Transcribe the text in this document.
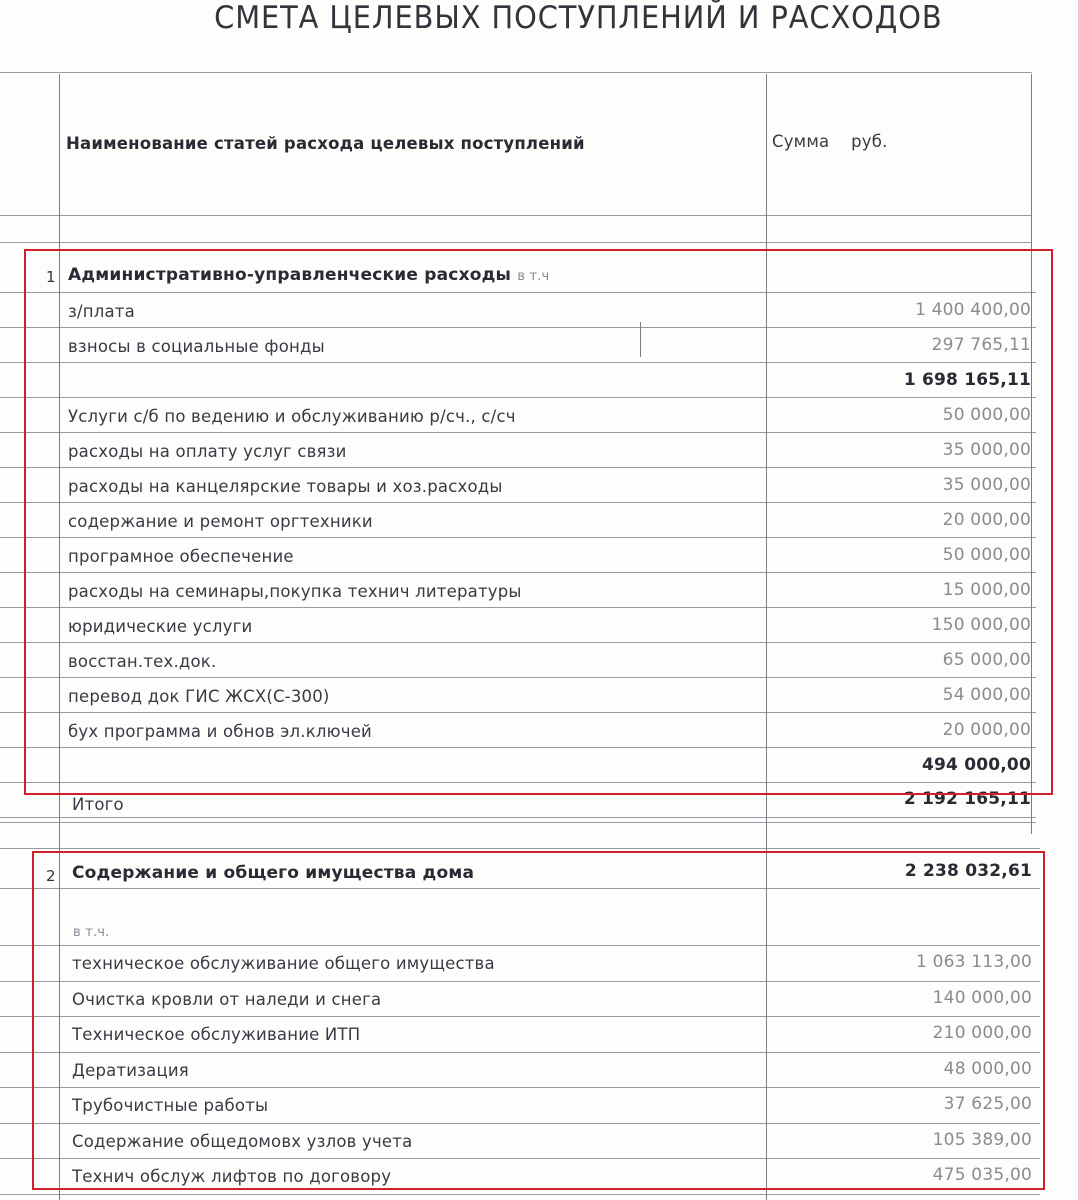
СМЕТА ЦЕЛЕВЫХ ПОСТУПЛЕНИЙ И РАСХОДОВ
Наименование статей расхода целевых поступлений	Сумма    руб.
1 Административно-управленческие расходы в т.ч
з/плата	1 400 400,00
взносы в социальные фонды	297 765,11
1 698 165,11
Услуги с/б по ведению и обслуживанию р/сч., с/сч	50 000,00
расходы на оплату услуг связи	35 000,00
расходы на канцелярские товары и хоз.расходы	35 000,00
содержание и ремонт оргтехники	20 000,00
програмное обеспечение	50 000,00
расходы на семинары,покупка технич литературы	15 000,00
юридические услуги	150 000,00
восстан.тех.док.	65 000,00
перевод док ГИС ЖСХ(С-300)	54 000,00
бух программа и обнов эл.ключей	20 000,00
494 000,00
Итого	2 192 165,11
2 Содержание и общего имущества дома	2 238 032,61
в т.ч.
техническое обслуживание общего имущества	1 063 113,00
Очистка кровли от наледи и снега	140 000,00
Техническое обслуживание ИТП	210 000,00
Дератизация	48 000,00
Трубочистные работы	37 625,00
Содержание общедомовх узлов учета	105 389,00
Технич обслуж лифтов по договору	475 035,00
